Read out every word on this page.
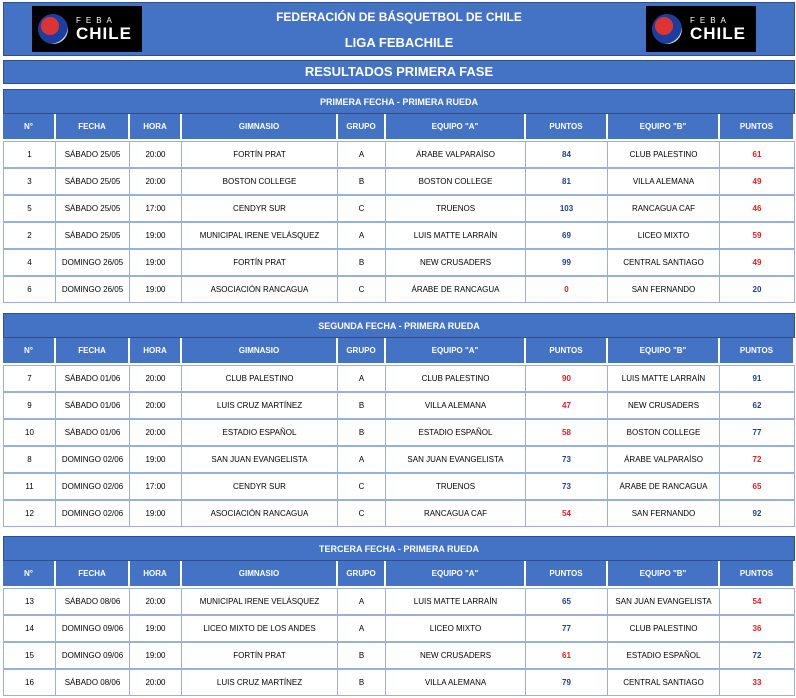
FEBA
CHILE
FEDERACIÓN DE BÁSQUETBOL DE CHILE
LIGA FEBACHILE
FEBA
CHILE
RESULTADOS PRIMERA FASE
PRIMERA FECHA - PRIMERA RUEDA
N°	FECHA	HORA	GIMNASIO	GRUPO	EQUIPO "A"	PUNTOS	EQUIPO "B"	PUNTOS
1	SÁBADO 25/05	20:00	FORTÍN PRAT	A	ÁRABE VALPARAÍSO	84	CLUB PALESTINO	61
3	SÁBADO 25/05	20:00	BOSTON COLLEGE	B	BOSTON COLLEGE	81	VILLA ALEMANA	49
5	SÁBADO 25/05	17:00	CENDYR SUR	C	TRUENOS	103	RANCAGUA CAF	46
2	SÁBADO 25/05	19:00	MUNICIPAL IRENE VELÁSQUEZ	A	LUIS MATTE LARRAÍN	69	LICEO MIXTO	59
4	DOMINGO 26/05	19:00	FORTÍN PRAT	B	NEW CRUSADERS	99	CENTRAL SANTIAGO	49
6	DOMINGO 26/05	19:00	ASOCIACIÓN RANCAGUA	C	ÁRABE DE RANCAGUA	0	SAN FERNANDO	20
SEGUNDA FECHA - PRIMERA RUEDA
N°	FECHA	HORA	GIMNASIO	GRUPO	EQUIPO "A"	PUNTOS	EQUIPO "B"	PUNTOS
7	SÁBADO 01/06	20:00	CLUB PALESTINO	A	CLUB PALESTINO	90	LUIS MATTE LARRAÍN	91
9	SÁBADO 01/06	20:00	LUIS CRUZ MARTÍNEZ	B	VILLA ALEMANA	47	NEW CRUSADERS	62
10	SÁBADO 01/06	20:00	ESTADIO ESPAÑOL	B	ESTADIO ESPAÑOL	58	BOSTON COLLEGE	77
8	DOMINGO 02/06	19:00	SAN JUAN EVANGELISTA	A	SAN JUAN EVANGELISTA	73	ÁRABE VALPARAÍSO	72
11	DOMINGO 02/06	17:00	CENDYR SUR	C	TRUENOS	73	ÁRABE DE RANCAGUA	65
12	DOMINGO 02/06	19:00	ASOCIACIÓN RANCAGUA	C	RANCAGUA CAF	54	SAN FERNANDO	92
TERCERA FECHA - PRIMERA RUEDA
N°	FECHA	HORA	GIMNASIO	GRUPO	EQUIPO "A"	PUNTOS	EQUIPO "B"	PUNTOS
13	SÁBADO 08/06	20:00	MUNICIPAL IRENE VELÁSQUEZ	A	LUIS MATTE LARRAÍN	65	SAN JUAN EVANGELISTA	54
14	DOMINGO 09/06	19:00	LICEO MIXTO DE LOS ANDES	A	LICEO MIXTO	77	CLUB PALESTINO	36
15	DOMINGO 09/06	19:00	FORTÍN PRAT	B	NEW CRUSADERS	61	ESTADIO ESPAÑOL	72
16	SÁBADO 08/06	20:00	LUIS CRUZ MARTÍNEZ	B	VILLA ALEMANA	79	CENTRAL SANTIAGO	33
